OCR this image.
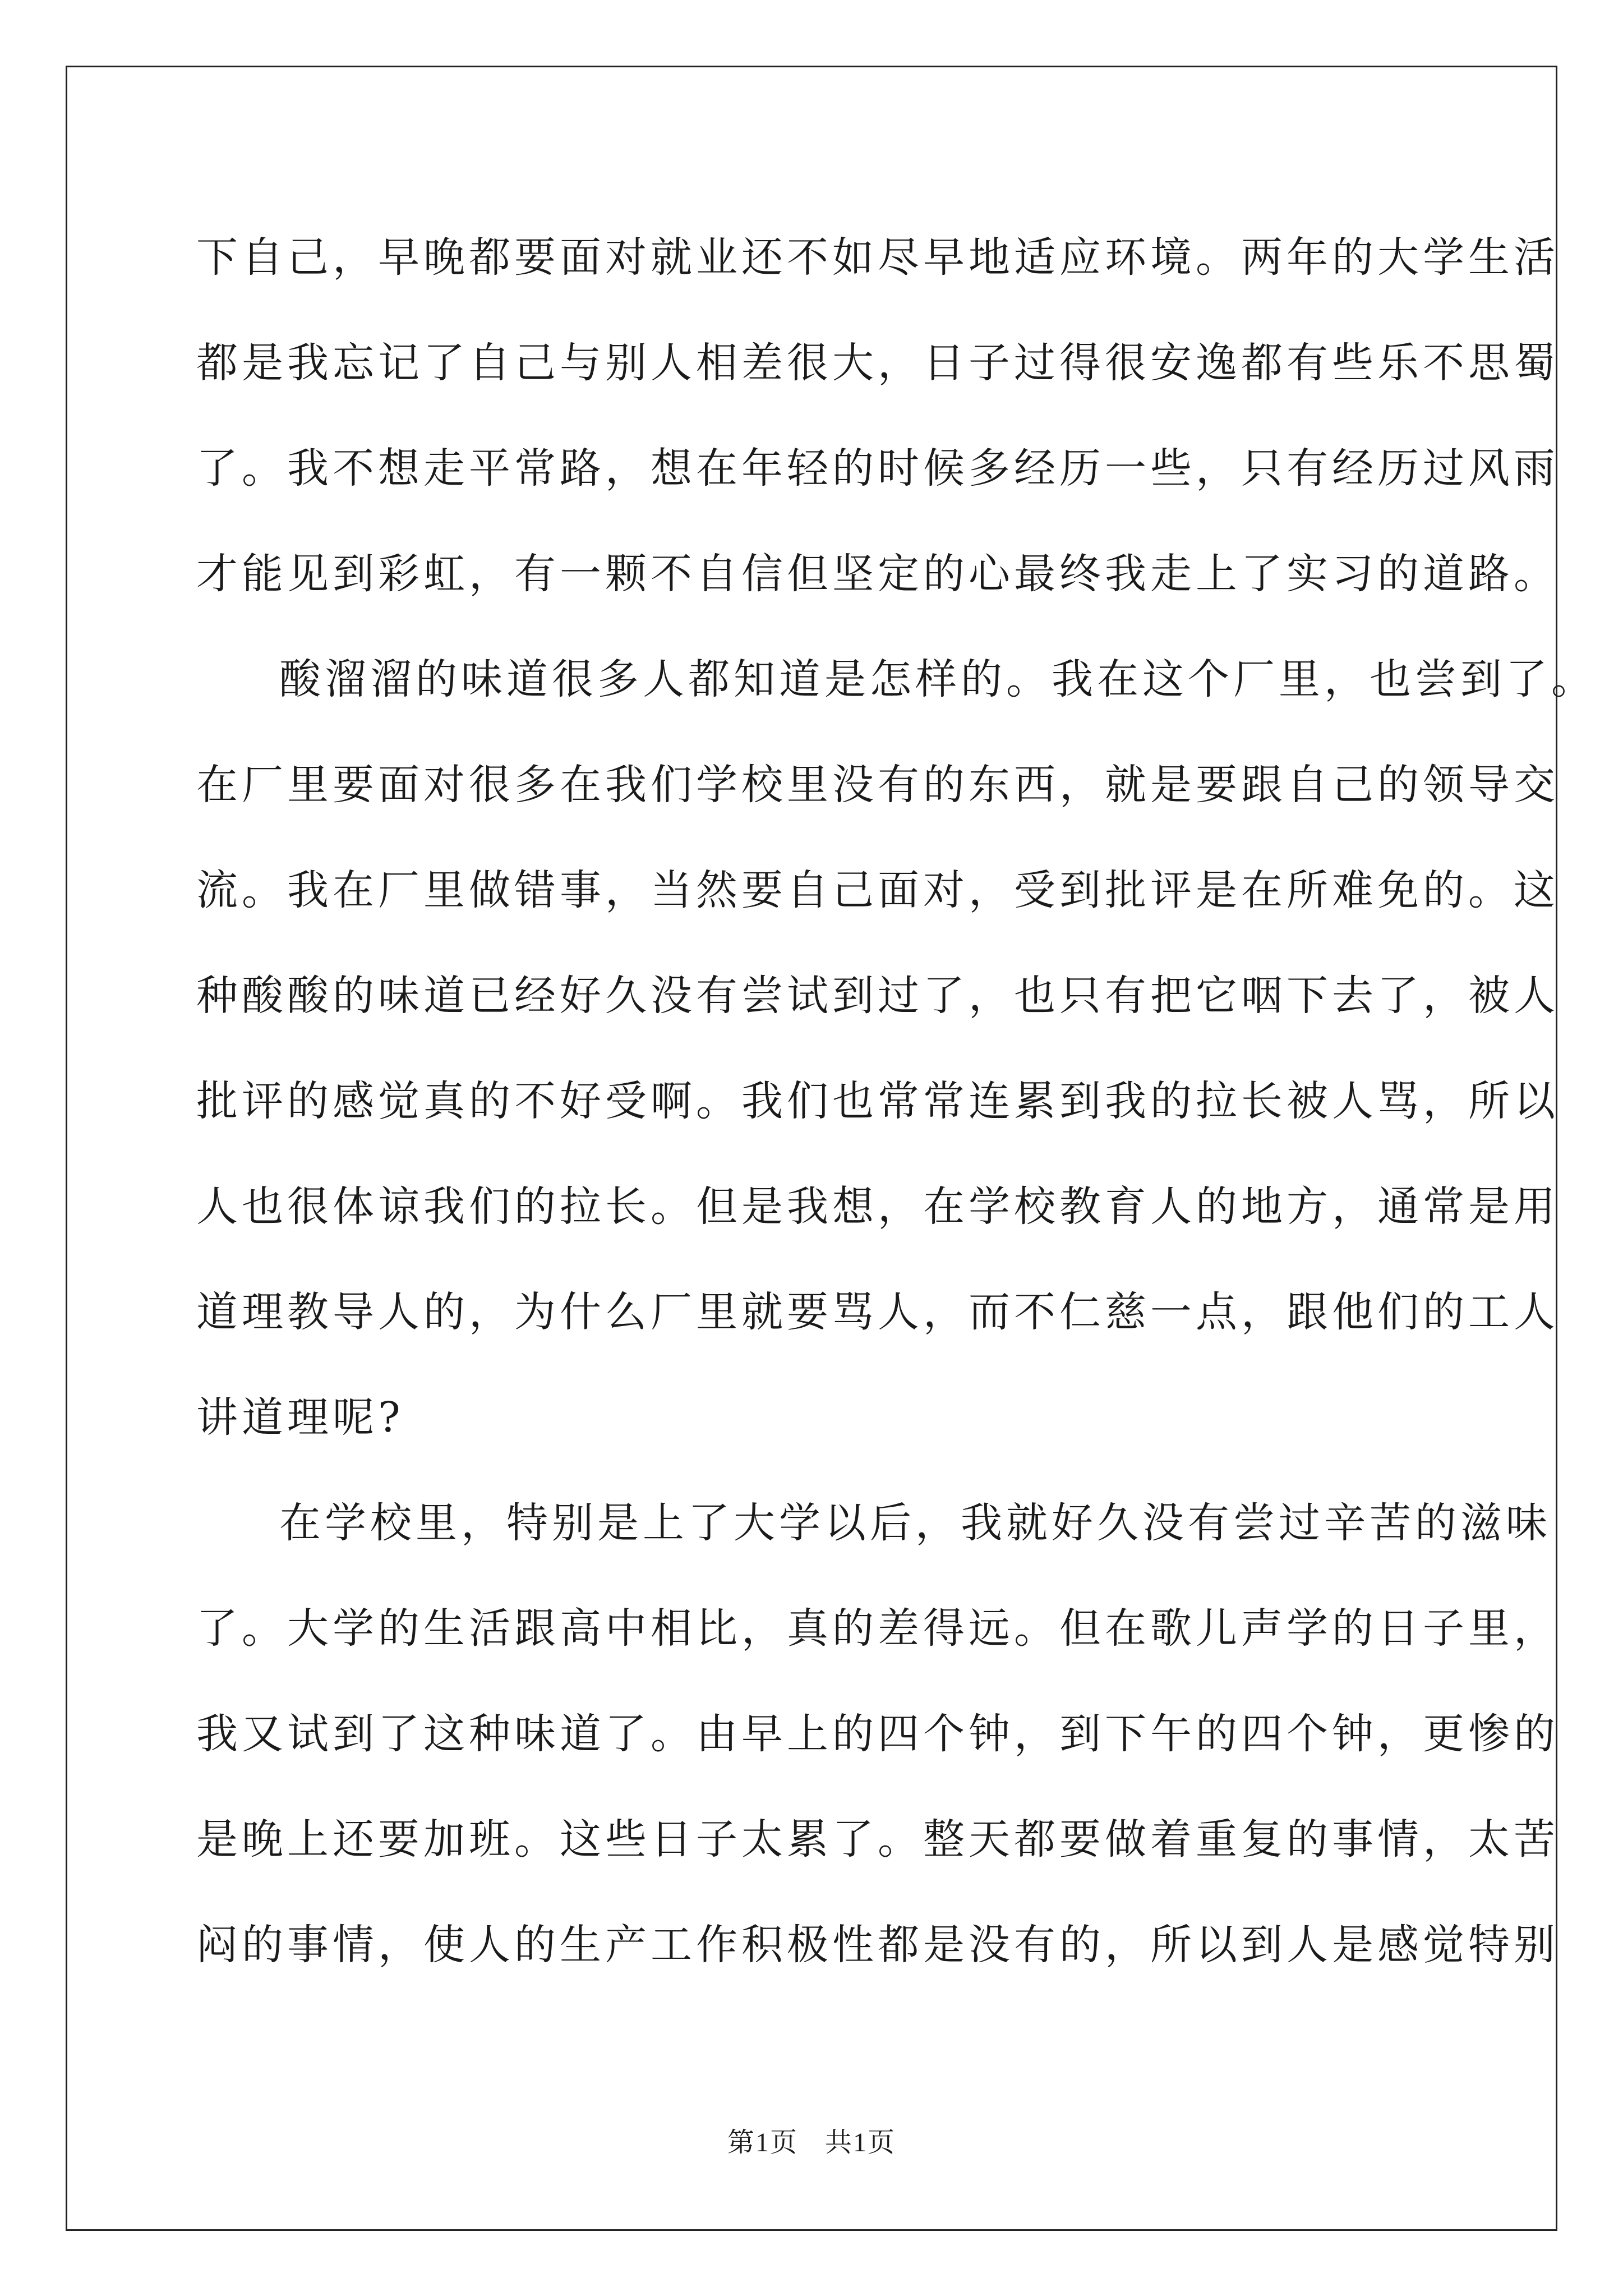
下自己，早晚都要面对就业还不如尽早地适应环境。两年的大学生活
都是我忘记了自己与别人相差很大，日子过得很安逸都有些乐不思蜀
了。我不想走平常路，想在年轻的时候多经历一些，只有经历过风雨
才能见到彩虹，有一颗不自信但坚定的心最终我走上了实习的道路。
酸溜溜的味道很多人都知道是怎样的。我在这个厂里，也尝到了。
在厂里要面对很多在我们学校里没有的东西，就是要跟自己的领导交
流。我在厂里做错事，当然要自己面对，受到批评是在所难免的。这
种酸酸的味道已经好久没有尝试到过了，也只有把它咽下去了，被人
批评的感觉真的不好受啊。我们也常常连累到我的拉长被人骂，所以
人也很体谅我们的拉长。但是我想，在学校教育人的地方，通常是用
道理教导人的，为什么厂里就要骂人，而不仁慈一点，跟他们的工人
讲道理呢?
在学校里，特别是上了大学以后，我就好久没有尝过辛苦的滋味
了。大学的生活跟高中相比，真的差得远。但在歌儿声学的日子里，
我又试到了这种味道了。由早上的四个钟，到下午的四个钟，更惨的
是晚上还要加班。这些日子太累了。整天都要做着重复的事情，太苦
闷的事情，使人的生产工作积极性都是没有的，所以到人是感觉特别
第1页 共1页
